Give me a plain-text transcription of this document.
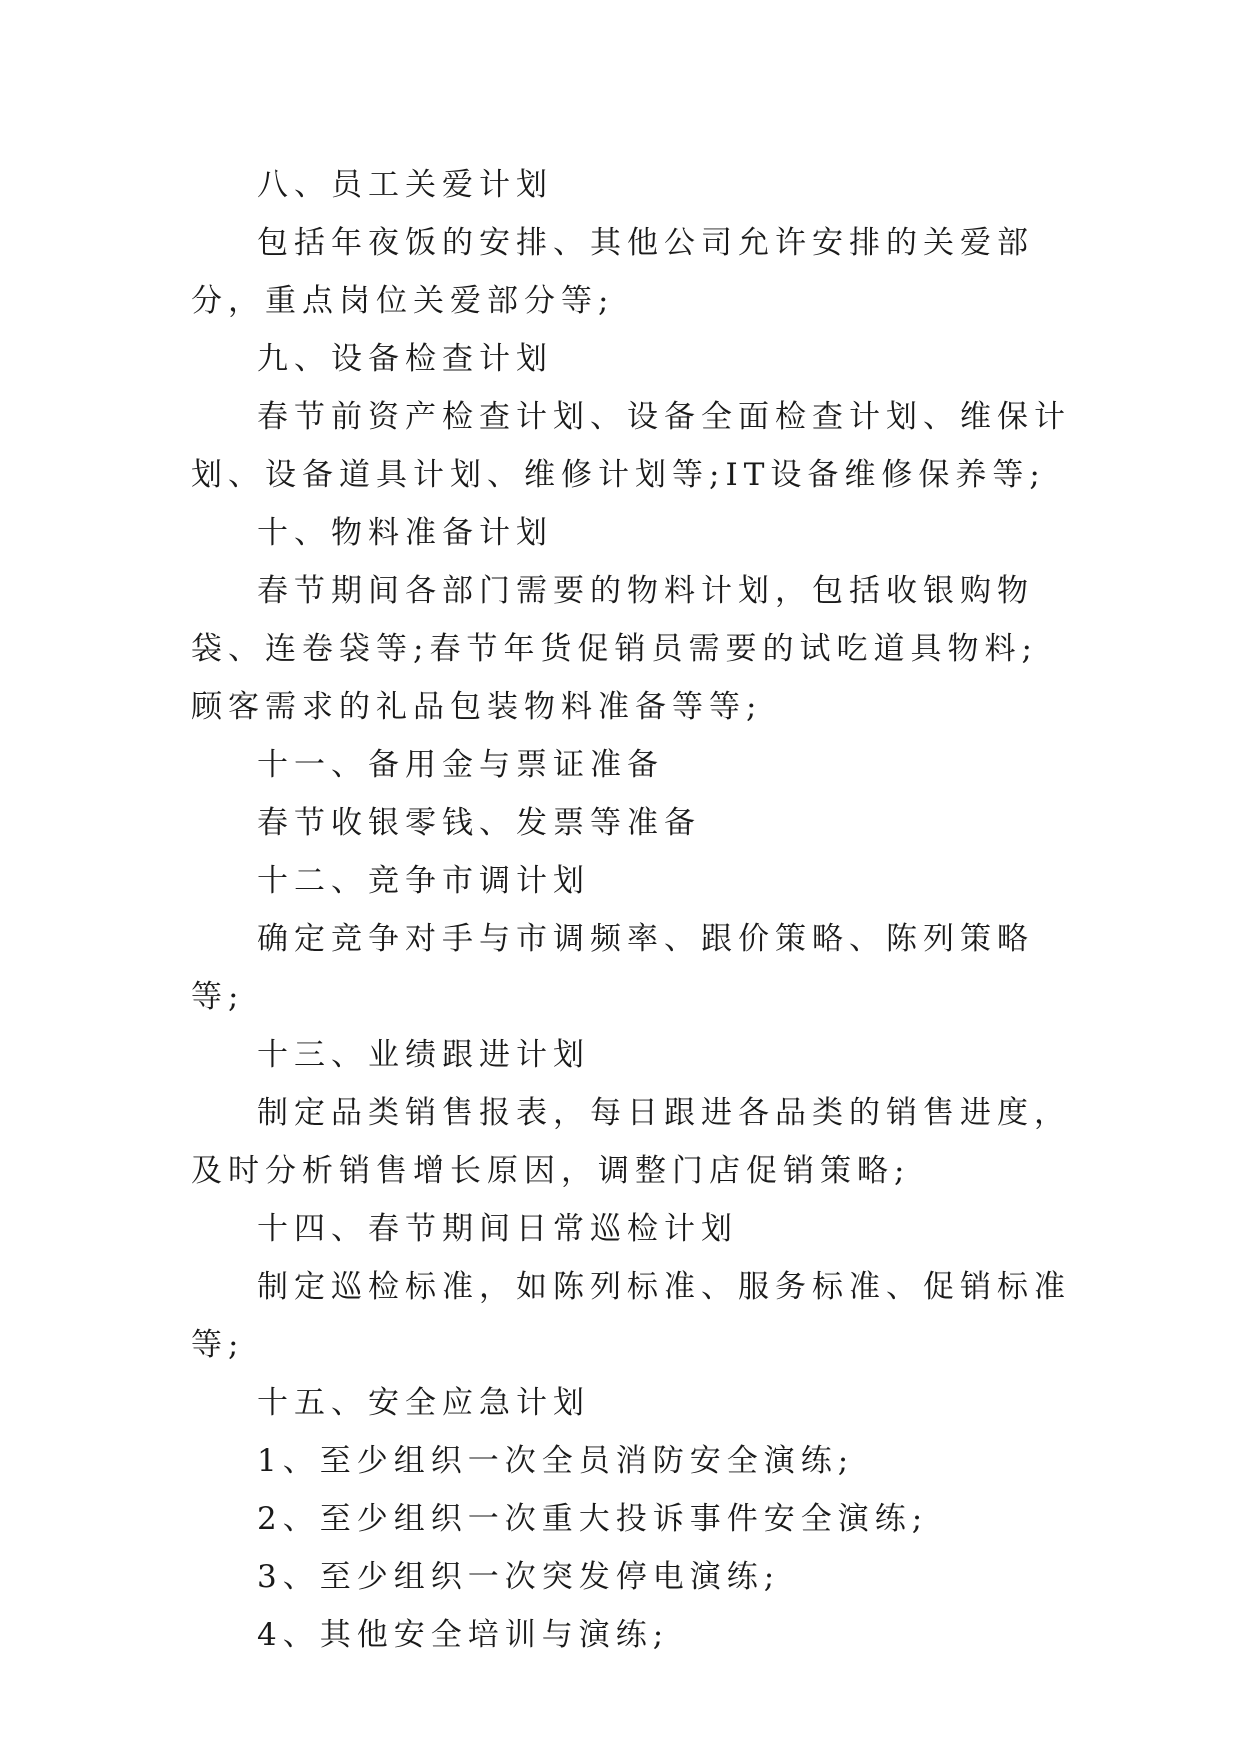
八、员工关爱计划

包括年夜饭的安排、其他公司允许安排的关爱部分，重点岗位关爱部分等;

九、设备检查计划

春节前资产检查计划、设备全面检查计划、维保计划、设备道具计划、维修计划等;IT设备维修保养等;

十、物料准备计划

春节期间各部门需要的物料计划，包括收银购物袋、连卷袋等;春节年货促销员需要的试吃道具物料;顾客需求的礼品包装物料准备等等;

十一、备用金与票证准备

春节收银零钱、发票等准备

十二、竞争市调计划

确定竞争对手与市调频率、跟价策略、陈列策略等;

十三、业绩跟进计划

制定品类销售报表，每日跟进各品类的销售进度，及时分析销售增长原因，调整门店促销策略;

十四、春节期间日常巡检计划

制定巡检标准，如陈列标准、服务标准、促销标准等;

十五、安全应急计划

1、至少组织一次全员消防安全演练;

2、至少组织一次重大投诉事件安全演练;

3、至少组织一次突发停电演练;

4、其他安全培训与演练;
